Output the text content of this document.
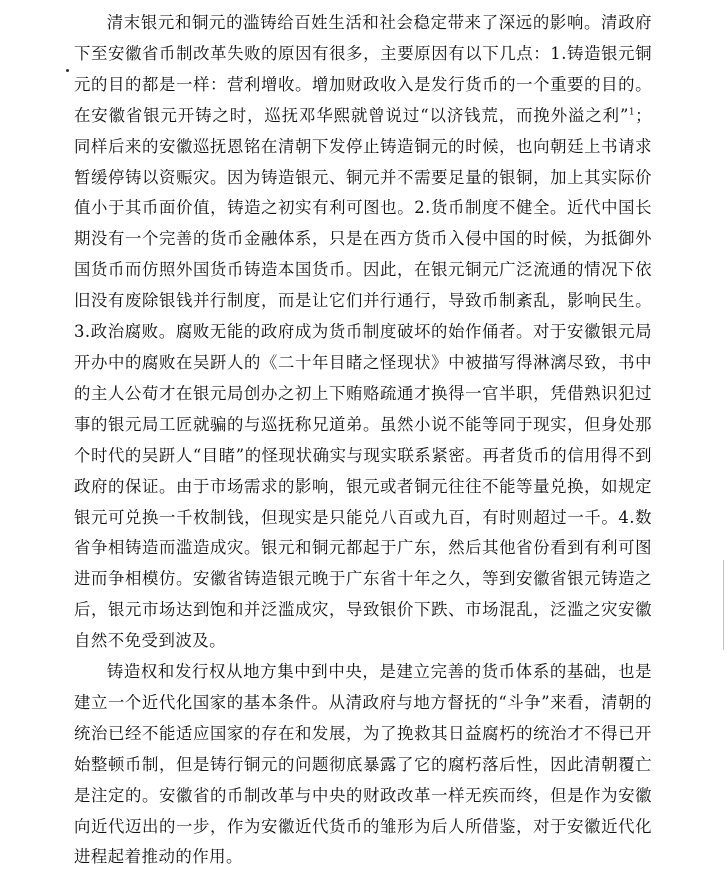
清末银元和铜元的滥铸给百姓生活和社会稳定带来了深远的影响。清政府下至安徽省币制改革失败的原因有很多，主要原因有以下几点：1.铸造银元铜元的目的都是一样：营利增收。增加财政收入是发行货币的一个重要的目的。在安徽省银元开铸之时，巡抚邓华熙就曾说过“以济钱荒，而挽外溢之利”$^1$；同样后来的安徽巡抚恩铭在清朝下发停止铸造铜元的时候，也向朝廷上书请求暂缓停铸以资赈灾。因为铸造银元、铜元并不需要足量的银铜，加上其实际价值小于其币面价值，铸造之初实有利可图也。2.货币制度不健全。近代中国长期没有一个完善的货币金融体系，只是在西方货币入侵中国的时候，为抵御外国货币而仿照外国货币铸造本国货币。因此，在银元铜元广泛流通的情况下依旧没有废除银钱并行制度，而是让它们并行通行，导致币制紊乱，影响民生。3.政治腐败。腐败无能的政府成为货币制度破坏的始作俑者。对于安徽银元局开办中的腐败在吴趼人的《二十年目睹之怪现状》中被描写得淋漓尽致，书中的主人公荀才在银元局创办之初上下贿赂疏通才换得一官半职，凭借熟识犯过事的银元局工匠就骗的与巡抚称兄道弟。虽然小说不能等同于现实，但身处那个时代的吴趼人“目睹”的怪现状确实与现实联系紧密。再者货币的信用得不到政府的保证。由于市场需求的影响，银元或者铜元往往不能等量兑换，如规定银元可兑换一千枚制钱，但现实是只能兑八百或九百，有时则超过一千。4.数省争相铸造而滥造成灾。银元和铜元都起于广东，然后其他省份看到有利可图进而争相模仿。安徽省铸造银元晚于广东省十年之久，等到安徽省银元铸造之后，银元市场达到饱和并泛滥成灾，导致银价下跌、市场混乱，泛滥之灾安徽自然不免受到波及。

铸造权和发行权从地方集中到中央，是建立完善的货币体系的基础，也是建立一个近代化国家的基本条件。从清政府与地方督抚的“斗争”来看，清朝的统治已经不能适应国家的存在和发展，为了挽救其日益腐朽的统治才不得已开始整顿币制，但是铸行铜元的问题彻底暴露了它的腐朽落后性，因此清朝覆亡是注定的。安徽省的币制改革与中央的财政改革一样无疾而终，但是作为安徽向近代迈出的一步，作为安徽近代货币的雏形为后人所借鉴，对于安徽近代化进程起着推动的作用。
